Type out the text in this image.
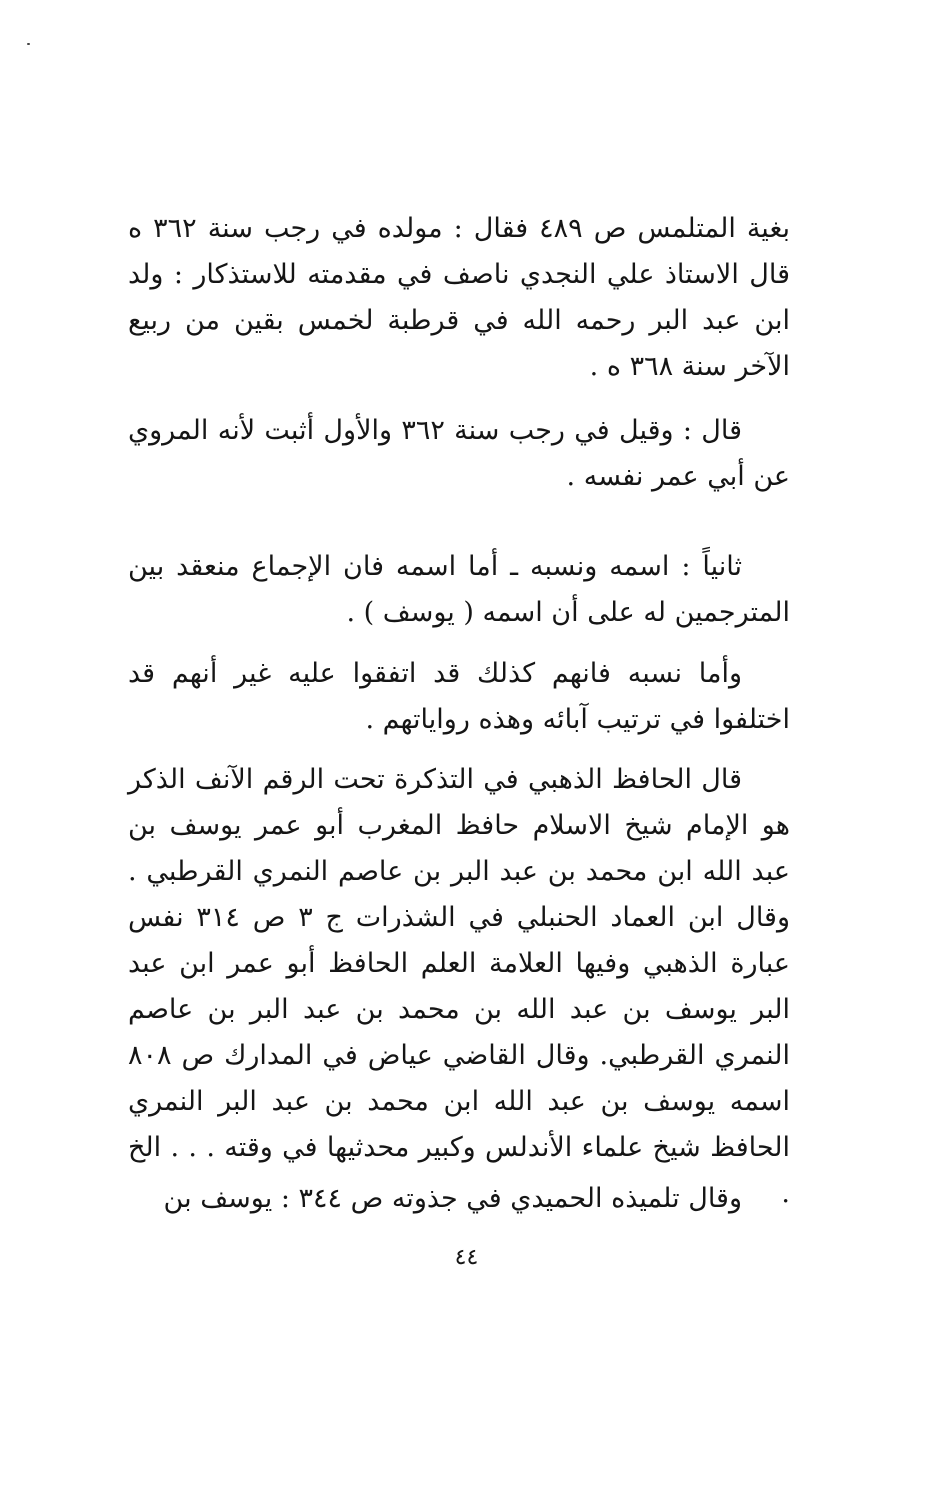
بغية المتلمس ص ٤٨٩ فقال : مولده في رجب سنة ٣٦٢ ه قال الاستاذ علي النجدي ناصف في مقدمته للاستذكار : ولد ابن عبد البر رحمه الله في قرطبة لخمس بقين من ربيع الآخر سنة ٣٦٨ ه .

قال : وقيل في رجب سنة ٣٦٢ والأول أثبت لأنه المروي عن أبي عمر نفسه .

ثانياً : اسمه ونسبه ـ أما اسمه فان الإجماع منعقد بين المترجمين له على أن اسمه ( يوسف ) .

وأما نسبه فانهم كذلك قد اتفقوا عليه غير أنهم قد اختلفوا في ترتيب آبائه وهذه رواياتهم .

قال الحافظ الذهبي في التذكرة تحت الرقم الآنف الذكر هو الإمام شيخ الاسلام حافظ المغرب أبو عمر يوسف بن عبد الله ابن محمد بن عبد البر بن عاصم النمري القرطبي . وقال ابن العماد الحنبلي في الشذرات ج ٣ ص ٣١٤ نفس عبارة الذهبي وفيها العلامة العلم الحافظ أبو عمر ابن عبد البر يوسف بن عبد الله بن محمد بن عبد البر بن عاصم النمري القرطبي. وقال القاضي عياض في المدارك ص ٨٠٨ اسمه يوسف بن عبد الله ابن محمد بن عبد البر النمري الحافظ شيخ علماء الأندلس وكبير محدثيها في وقته . . . الخ .

وقال تلميذه الحميدي في جذوته ص ٣٤٤ : يوسف بن

٤٤
